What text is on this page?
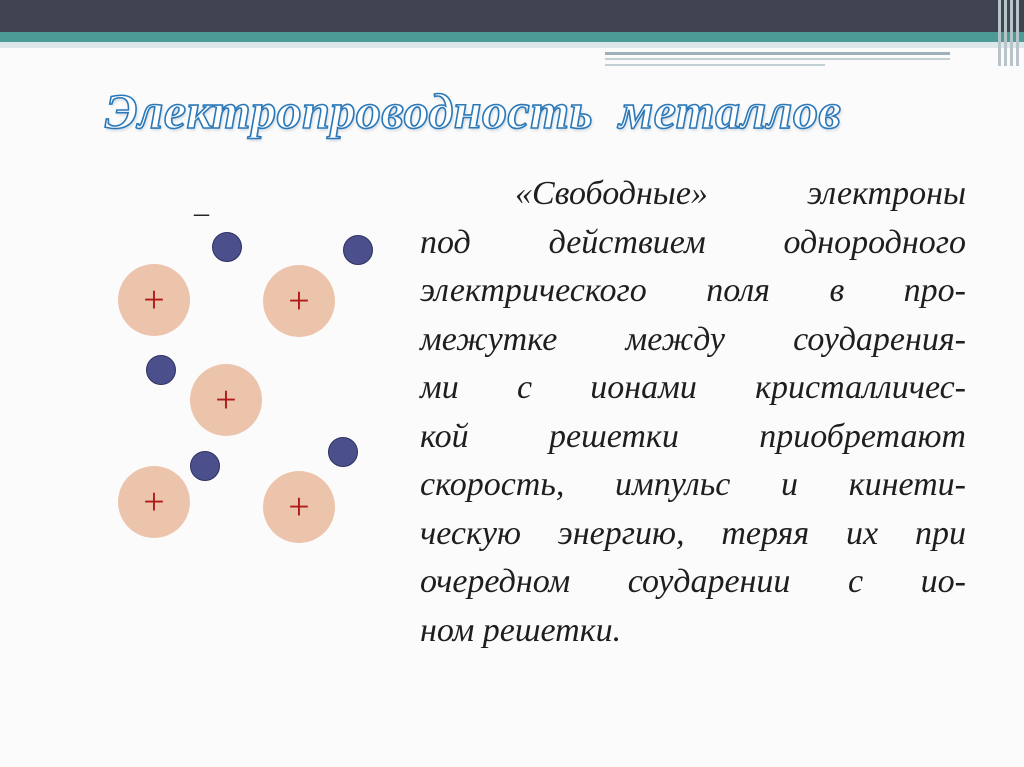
Электропроводность  металлов
_
+	+
+
+	+
«Свободные» электроны
под действием однородного
электрического поля в про-
межутке между соударения-
ми с ионами кристалличес-
кой решетки приобретают
скорость, импульс и кинети-
ческую энергию, теряя их при
очередном соударении с ио-
ном решетки.
